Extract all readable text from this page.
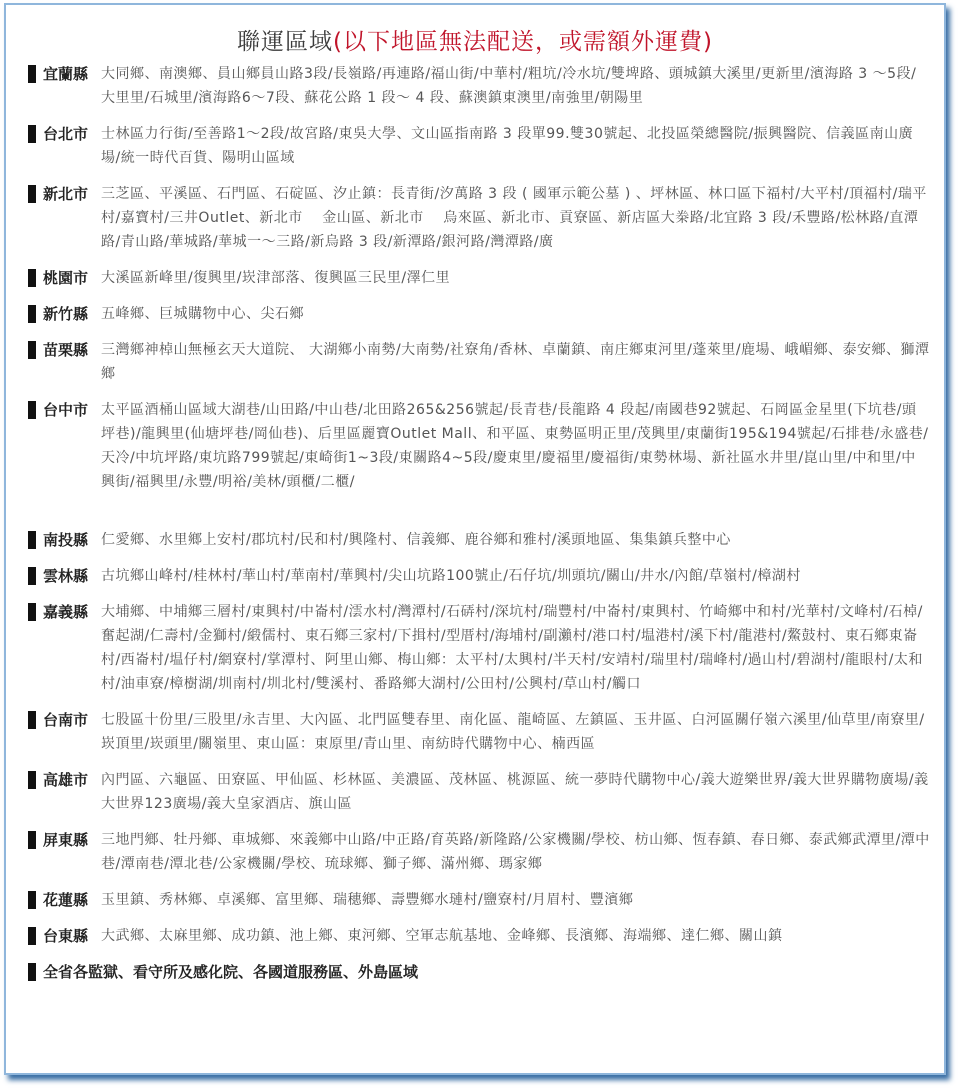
聯運區域(以下地區無法配送，或需額外運費)
宜蘭縣 大同鄉、南澳鄉、員山鄉員山路3段/長嶺路/再連路/福山街/中華村/粗坑/冷水坑/雙埤路、頭城鎮大溪里/更新里/濱海路 3 ～5段/大里里/石城里/濱海路6～7段、蘇花公路 1 段～ 4 段、蘇澳鎮東澳里/南強里/朝陽里
台北市 士林區力行街/至善路1～2段/故宮路/東吳大學、文山區指南路 3 段單99.雙30號起、北投區榮總醫院/振興醫院、信義區南山廣場/統一時代百貨、陽明山區域
新北市 三芝區、平溪區、石門區、石碇區、汐止鎮：長青街/汐萬路 3 段 ( 國軍示範公墓 ) 、坪林區、林口區下福村/大平村/頂福村/瑞平村/嘉寶村/三井Outlet、新北市　 金山區、新北市　 烏來區、新北市、貢寮區、新店區大桊路/北宜路 3 段/禾豐路/松林路/直潭路/青山路/華城路/華城一～三路/新烏路 3 段/新潭路/銀河路/灣潭路/廣
桃園市 大溪區新峰里/復興里/崁津部落、復興區三民里/澤仁里
新竹縣 五峰鄉、巨城購物中心、尖石鄉
苗栗縣 三灣鄉神棹山無極玄天大道院、 大湖鄉小南勢/大南勢/社寮角/香林、卓蘭鎮、南庄鄉東河里/蓬萊里/鹿場、峨嵋鄉、泰安鄉、獅潭鄉
台中市 太平區酒桶山區域大湖巷/山田路/中山巷/北田路265&256號起/長青巷/長龍路 4 段起/南國巷92號起、石岡區金星里(下坑巷/頭坪巷)/龍興里(仙塘坪巷/岡仙巷)、后里區麗寶Outlet Mall、和平區、東勢區明正里/茂興里/東蘭街195&194號起/石排巷/永盛巷/天冷/中坑坪路/東坑路799號起/東崎街1~3段/東關路4~5段/慶東里/慶福里/慶福街/東勢林場、新社區水井里/崑山里/中和里/中興街/福興里/永豐/明裕/美林/頭櫃/二櫃/
南投縣 仁愛鄉、水里鄉上安村/郡坑村/民和村/興隆村、信義鄉、鹿谷鄉和雅村/溪頭地區、集集鎮兵整中心
雲林縣 古坑鄉山峰村/桂林村/華山村/華南村/華興村/尖山坑路100號止/石仔坑/圳頭坑/關山/井水/內館/草嶺村/樟湖村
嘉義縣 大埔鄉、中埔鄉三層村/東興村/中崙村/澐水村/灣潭村/石硦村/深坑村/瑞豐村/中崙村/東興村、竹崎鄉中和村/光華村/文峰村/石棹/奮起湖/仁壽村/金獅村/緞儒村、東石鄉三家村/下揖村/型厝村/海埔村/副瀨村/港口村/塭港村/溪下村/龍港村/鰲鼓村、東石鄉東崙村/西崙村/塭仔村/網寮村/掌潭村、阿里山鄉、梅山鄉：太平村/太興村/半天村/安靖村/瑞里村/瑞峰村/過山村/碧湖村/龍眼村/太和村/油車寮/樟樹湖/圳南村/圳北村/雙溪村、番路鄉大湖村/公田村/公興村/草山村/觸口
台南市 七股區十份里/三股里/永吉里、大內區、北門區雙春里、南化區、龍崎區、左鎮區、玉井區、白河區關仔嶺六溪里/仙草里/南寮里/崁頂里/崁頭里/關嶺里、東山區：東原里/青山里、南紡時代購物中心、楠西區
高雄市 內門區、六龜區、田寮區、甲仙區、杉林區、美濃區、茂林區、桃源區、統一夢時代購物中心/義大遊樂世界/義大世界購物廣場/義大世界123廣場/義大皇家酒店、旗山區
屏東縣 三地門鄉、牡丹鄉、車城鄉、來義鄉中山路/中正路/育英路/新隆路/公家機關/學校、枋山鄉、恆春鎮、春日鄉、泰武鄉武潭里/潭中巷/潭南巷/潭北巷/公家機關/學校、琉球鄉、獅子鄉、滿州鄉、瑪家鄉
花蓮縣 玉里鎮、秀林鄉、卓溪鄉、富里鄉、瑞穗鄉、壽豐鄉水璉村/鹽寮村/月眉村、豐濱鄉
台東縣 大武鄉、太麻里鄉、成功鎮、池上鄉、東河鄉、空軍志航基地、金峰鄉、長濱鄉、海端鄉、達仁鄉、關山鎮
全省各監獄、看守所及感化院、各國道服務區、外島區域
